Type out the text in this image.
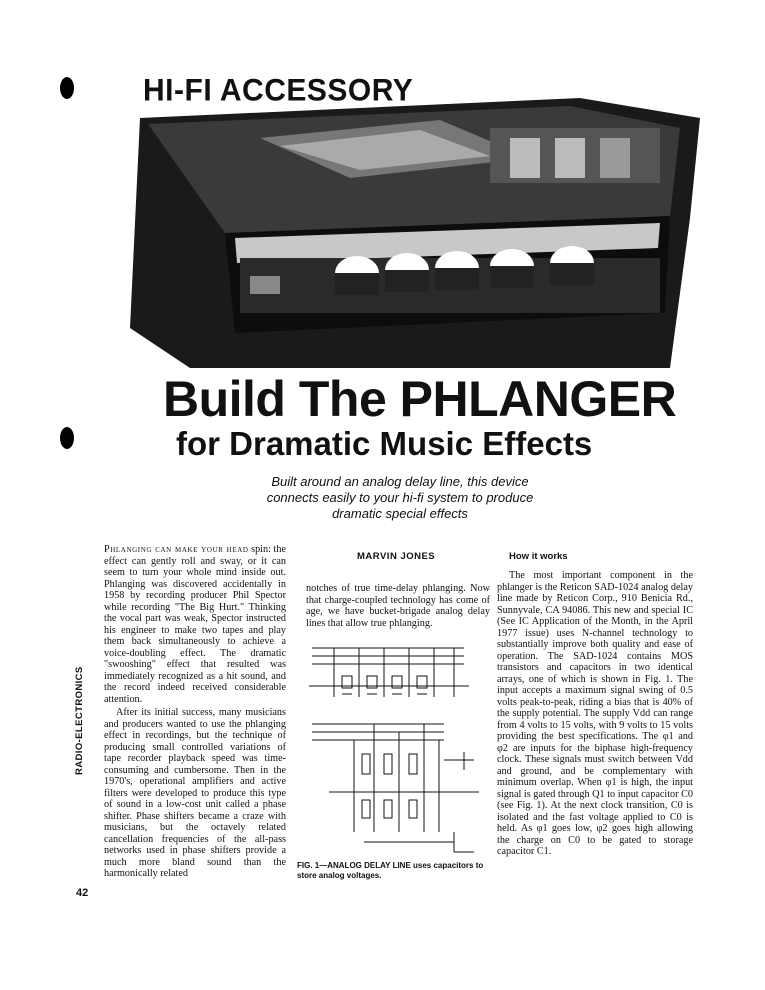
HI-FI ACCESSORY
Build The PHLANGER
for Dramatic Music Effects
Built around an analog delay line, this device connects easily to your hi-fi system to produce dramatic special effects
MARVIN JONES	How it works

Phlanging can make your head spin: the effect can gently roll and sway, or it can seem to turn your whole mind inside out. Phlanging was discovered accidentally in 1958 by recording producer Phil Spector while recording "The Big Hurt." Thinking the vocal part was weak, Spector instructed his engineer to make two tapes and play them back simultaneously to achieve a voice-doubling effect. The dramatic "swooshing" effect that resulted was immediately recognized as a hit sound, and the record indeed received considerable attention.

After its initial success, many musicians and producers wanted to use the phlanging effect in recordings, but the technique of producing small controlled variations of tape recorder playback speed was time-consuming and cumbersome. Then in the 1970's, operational amplifiers and active filters were developed to produce this type of sound in a low-cost unit called a phase shifter. Phase shifters became a craze with musicians, but the octavely related cancellation frequencies of the all-pass networks used in phase shifters provide a much more bland sound than the harmonically related

notches of true time-delay phlanging. Now that charge-coupled technology has come of age, we have bucket-brigade analog delay lines that allow true phlanging.

FIG. 1—ANALOG DELAY LINE uses capacitors to store analog voltages.

The most important component in the phlanger is the Reticon SAD-1024 analog delay line made by Reticon Corp., 910 Benicia Rd., Sunnyvale, CA 94086. This new and special IC (See IC Application of the Month, in the April 1977 issue) uses N-channel technology to substantially improve both quality and ease of operation. The SAD-1024 contains MOS transistors and capacitors in two identical arrays, one of which is shown in Fig. 1. The input accepts a maximum signal swing of 0.5 volts peak-to-peak, riding a bias that is 40% of the supply potential. The supply Vdd can range from 4 volts to 15 volts, with 9 volts to 15 volts providing the best specifications. The φ1 and φ2 are inputs for the biphase high-frequency clock. These signals must switch between Vdd and ground, and be complementary with minimum overlap. When φ1 is high, the input signal is gated through Q1 to input capacitor C0 (see Fig. 1). At the next clock transition, C0 is isolated and the fast voltage applied to C0 is held. As φ1 goes low, φ2 goes high allowing the charge on C0 to be gated to storage capacitor C1.

RADIO-ELECTRONICS
42
